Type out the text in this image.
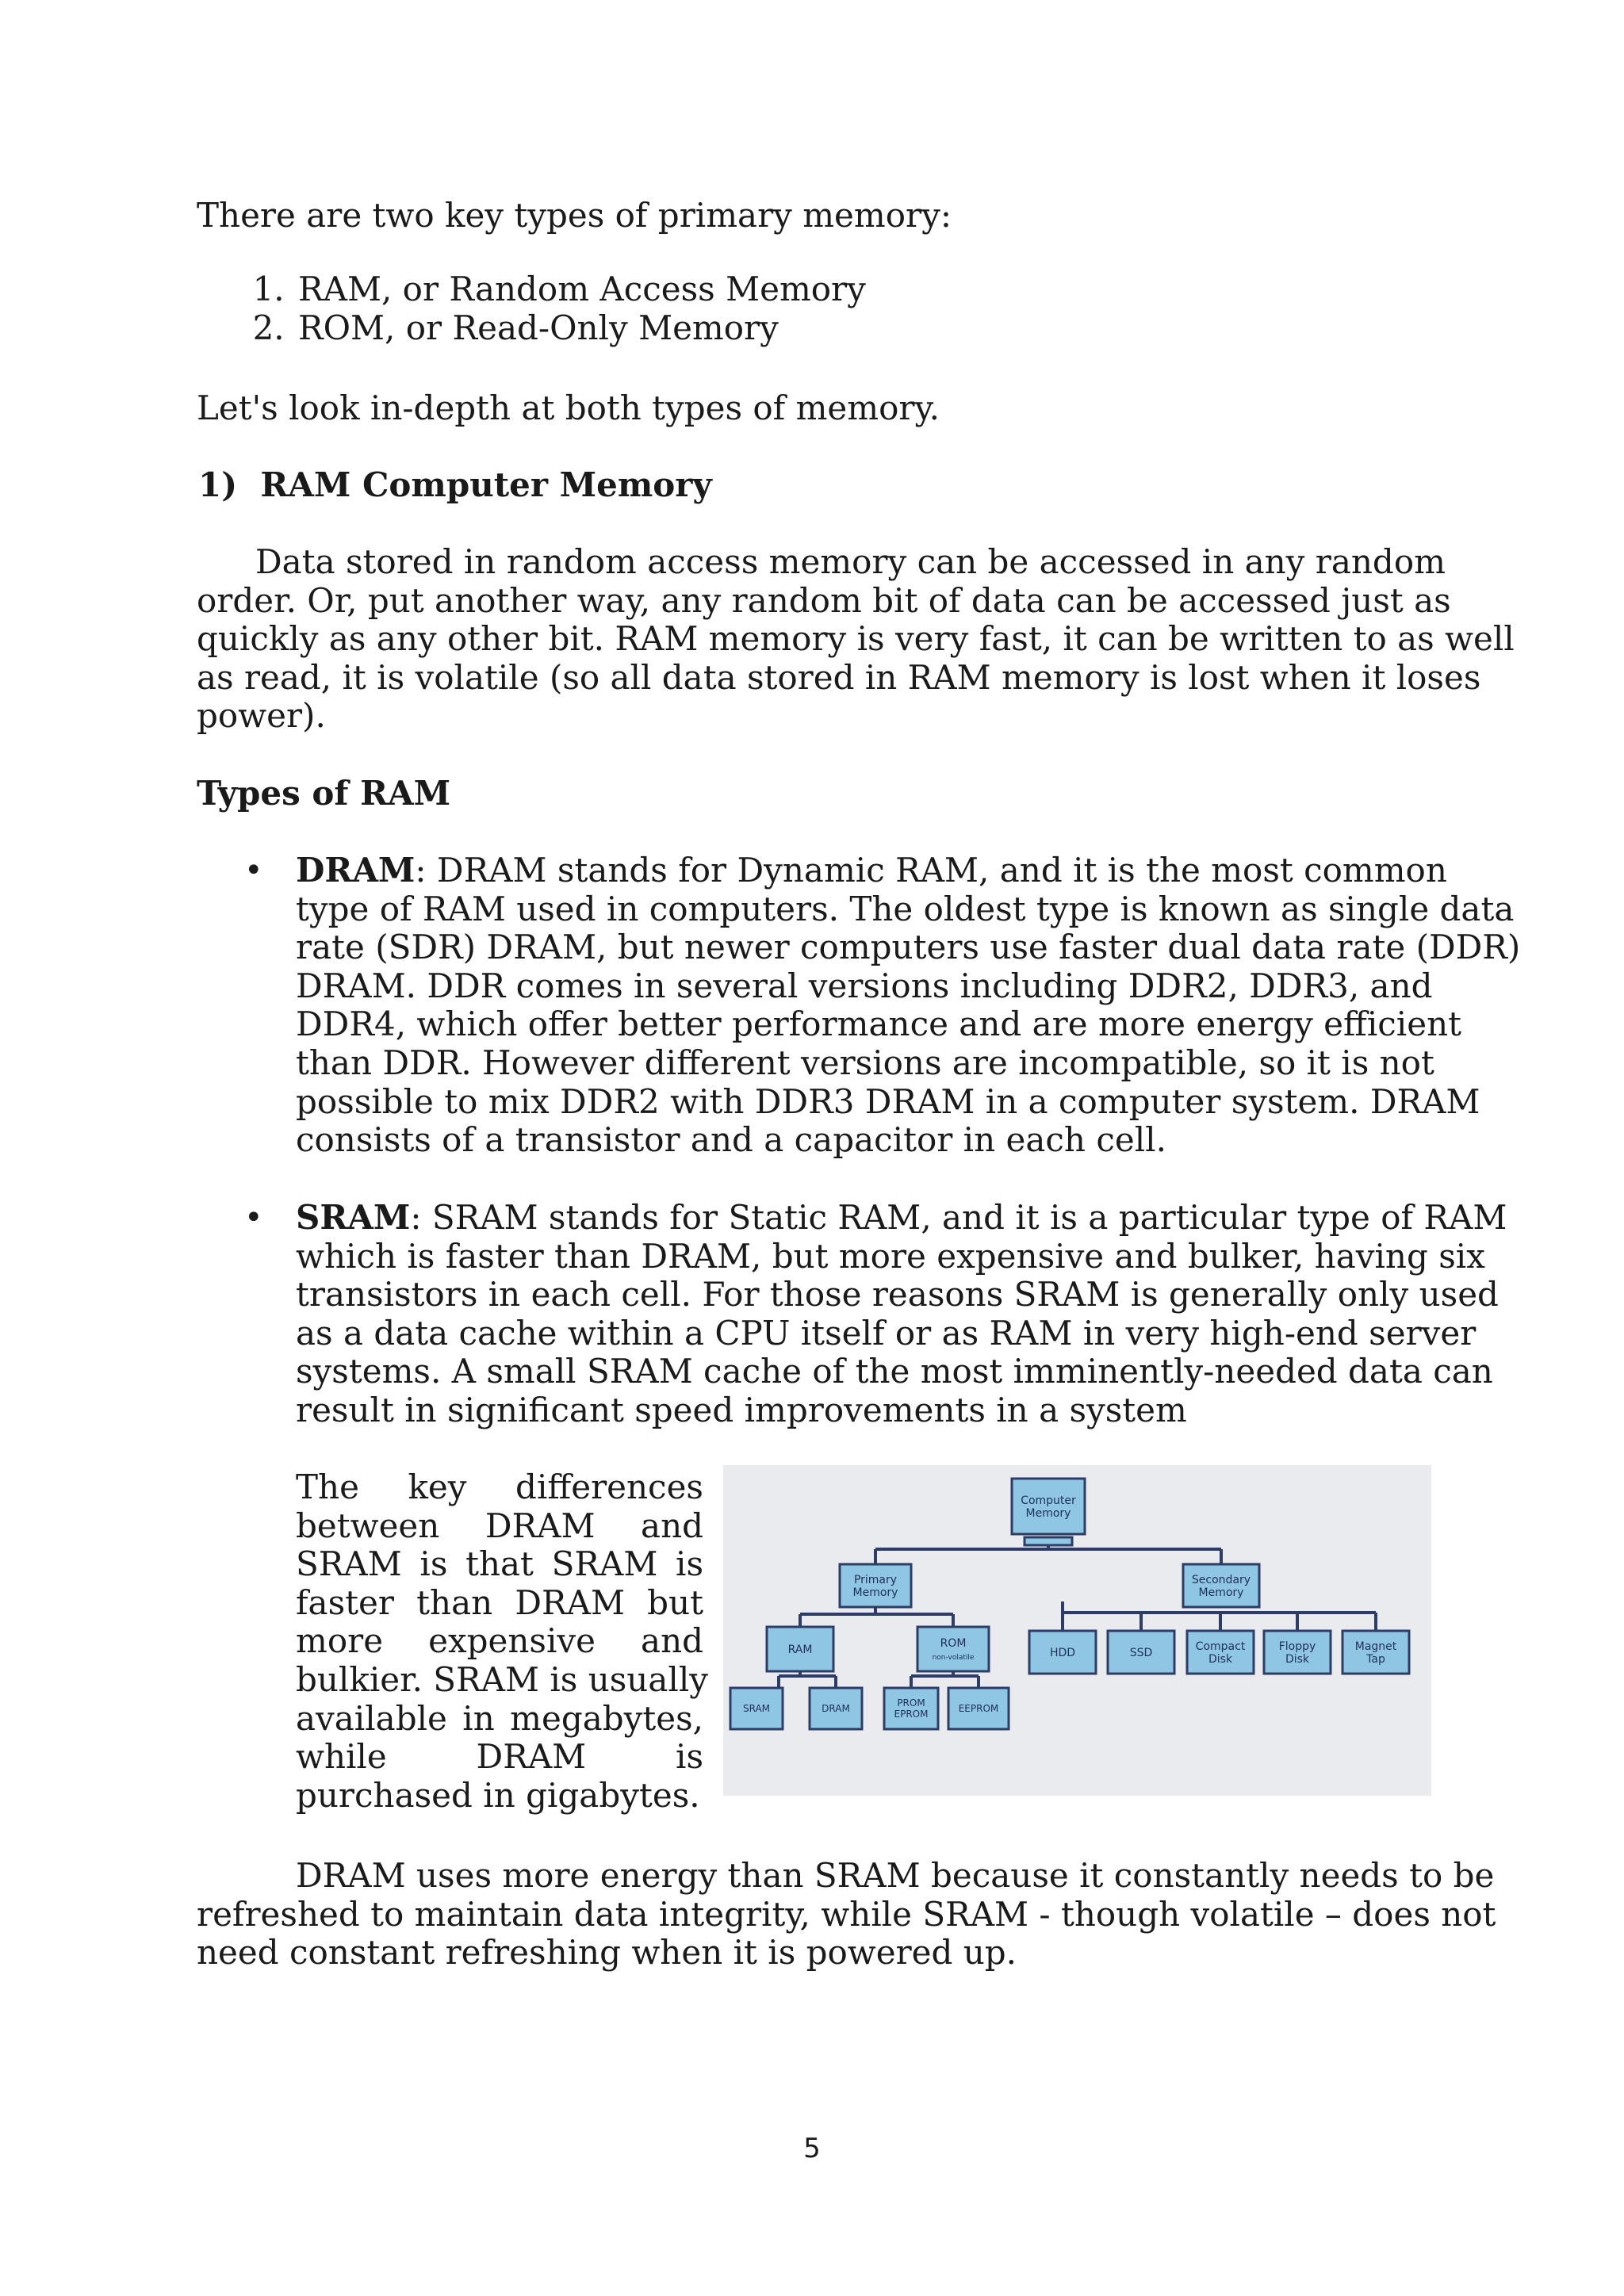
There are two key types of primary memory:
1. RAM, or Random Access Memory
2. ROM, or Read-Only Memory
Let's look in-depth at both types of memory.
1)  RAM Computer Memory
Data stored in random access memory can be accessed in any random
order. Or, put another way, any random bit of data can be accessed just as
quickly as any other bit. RAM memory is very fast, it can be written to as well
as read, it is volatile (so all data stored in RAM memory is lost when it loses
power).
Types of RAM
• DRAM: DRAM stands for Dynamic RAM, and it is the most common
type of RAM used in computers. The oldest type is known as single data
rate (SDR) DRAM, but newer computers use faster dual data rate (DDR)
DRAM. DDR comes in several versions including DDR2, DDR3, and
DDR4, which offer better performance and are more energy efficient
than DDR. However different versions are incompatible, so it is not
possible to mix DDR2 with DDR3 DRAM in a computer system. DRAM
consists of a transistor and a capacitor in each cell.
• SRAM: SRAM stands for Static RAM, and it is a particular type of RAM
which is faster than DRAM, but more expensive and bulker, having six
transistors in each cell. For those reasons SRAM is generally only used
as a data cache within a CPU itself or as RAM in very high-end server
systems. A small SRAM cache of the most imminently-needed data can
result in significant speed improvements in a system
The key differences
between DRAM and
SRAM is that SRAM is
faster than DRAM but
more expensive and
bulkier. SRAM is usually
available in megabytes,
while DRAM is
purchased in gigabytes.
Computer
Memory
Primary
Memory
Secondary
Memory
RAM	ROM
non-volatile
SRAM	DRAM	PROM
EPROM	EEPROM
HDD	SSD	Compact
Disk
Floppy
Disk
Magnet
Tap
DRAM uses more energy than SRAM because it constantly needs to be
refreshed to maintain data integrity, while SRAM - though volatile – does not
need constant refreshing when it is powered up.
5
